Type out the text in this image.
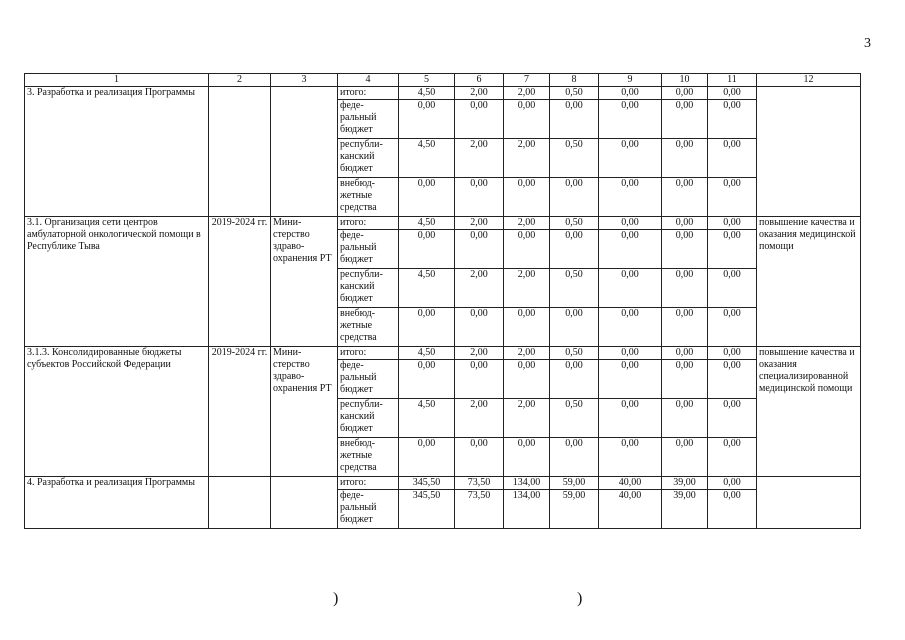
3
1	2	3	4	5	6	7	8	9	10	11	12
3. Разработка и реализация Программы			итого:	4,50	2,00	2,00	0,50	0,00	0,00	0,00	
			феде-ральный бюджет	0,00	0,00	0,00	0,00	0,00	0,00	0,00	
			республи-канский бюджет	4,50	2,00	2,00	0,50	0,00	0,00	0,00	
			внебюд-жетные средства	0,00	0,00	0,00	0,00	0,00	0,00	0,00	
3.1. Организация сети центров амбулаторной онкологической помощи в Республике Тыва	2019-2024 гг.	Мини-стерство здраво-охранения РТ	итого:	4,50	2,00	2,00	0,50	0,00	0,00	0,00	повышение качества и оказания медицинской помощи
			феде-ральный бюджет	0,00	0,00	0,00	0,00	0,00	0,00	0,00	
			республи-канский бюджет	4,50	2,00	2,00	0,50	0,00	0,00	0,00	
			внебюд-жетные средства	0,00	0,00	0,00	0,00	0,00	0,00	0,00	
3.1.3. Консолидированные бюджеты субъектов Российской Федерации	2019-2024 гг.	Мини-стерство здраво-охранения РТ	итого:	4,50	2,00	2,00	0,50	0,00	0,00	0,00	повышение качества и оказания специализированной медицинской помощи
			феде-ральный бюджет	0,00	0,00	0,00	0,00	0,00	0,00	0,00	
			республи-канский бюджет	4,50	2,00	2,00	0,50	0,00	0,00	0,00	
			внебюд-жетные средства	0,00	0,00	0,00	0,00	0,00	0,00	0,00	
4. Разработка и реализация Программы			итого:	345,50	73,50	134,00	59,00	40,00	39,00	0,00	
			феде-ральный бюджет	345,50	73,50	134,00	59,00	40,00	39,00	0,00	
)	)
